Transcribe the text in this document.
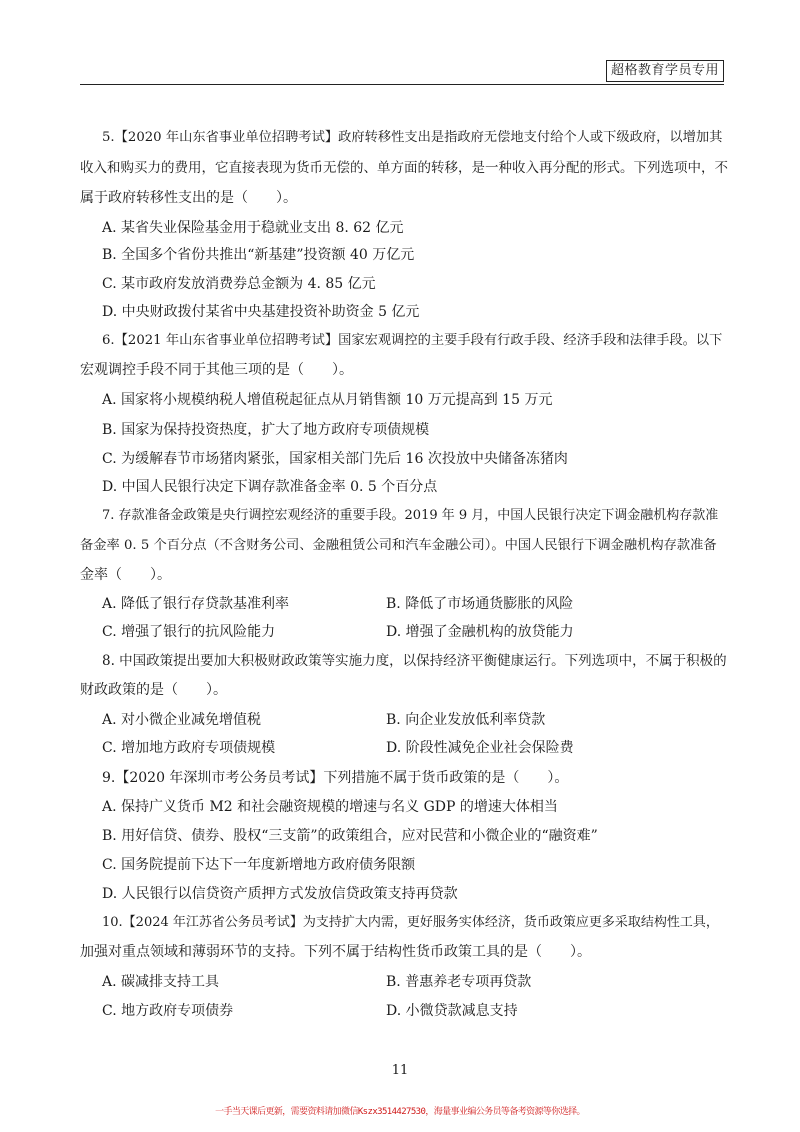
超格教育学员专用
5.【2020 年山东省事业单位招聘考试】政府转移性支出是指政府无偿地支付给个人或下级政府，以增加其
收入和购买力的费用，它直接表现为货币无偿的、单方面的转移，是一种收入再分配的形式。下列选项中，不
属于政府转移性支出的是（　　）。
A. 某省失业保险基金用于稳就业支出 8. 62 亿元
B. 全国多个省份共推出“新基建”投资额 40 万亿元
C. 某市政府发放消费券总金额为 4. 85 亿元
D. 中央财政拨付某省中央基建投资补助资金 5 亿元
6.【2021 年山东省事业单位招聘考试】国家宏观调控的主要手段有行政手段、经济手段和法律手段。以下
宏观调控手段不同于其他三项的是（　　）。
A. 国家将小规模纳税人增值税起征点从月销售额 10 万元提高到 15 万元
B. 国家为保持投资热度，扩大了地方政府专项债规模
C. 为缓解春节市场猪肉紧张，国家相关部门先后 16 次投放中央储备冻猪肉
D. 中国人民银行决定下调存款准备金率 0. 5 个百分点
7. 存款准备金政策是央行调控宏观经济的重要手段。2019 年 9 月，中国人民银行决定下调金融机构存款准
备金率 0. 5 个百分点（不含财务公司、金融租赁公司和汽车金融公司）。中国人民银行下调金融机构存款准备
金率（　　）。
A. 降低了银行存贷款基准利率	B. 降低了市场通货膨胀的风险
C. 增强了银行的抗风险能力	D. 增强了金融机构的放贷能力
8. 中国政策提出要加大积极财政政策等实施力度，以保持经济平衡健康运行。下列选项中，不属于积极的
财政政策的是（　　）。
A. 对小微企业减免增值税	B. 向企业发放低利率贷款
C. 增加地方政府专项债规模	D. 阶段性减免企业社会保险费
9.【2020 年深圳市考公务员考试】下列措施不属于货币政策的是（　　）。
A. 保持广义货币 M2 和社会融资规模的增速与名义 GDP 的增速大体相当
B. 用好信贷、债券、股权“三支箭”的政策组合，应对民营和小微企业的“融资难”
C. 国务院提前下达下一年度新增地方政府债务限额
D. 人民银行以信贷资产质押方式发放信贷政策支持再贷款
10.【2024 年江苏省公务员考试】为支持扩大内需，更好服务实体经济，货币政策应更多采取结构性工具，
加强对重点领域和薄弱环节的支持。下列不属于结构性货币政策工具的是（　　）。
A. 碳减排支持工具	B. 普惠养老专项再贷款
C. 地方政府专项债券	D. 小微贷款减息支持
11
一手当天课后更新，需要资料请加微信Kszx3514427530，海量事业编公务员等备考资源等你选择。
